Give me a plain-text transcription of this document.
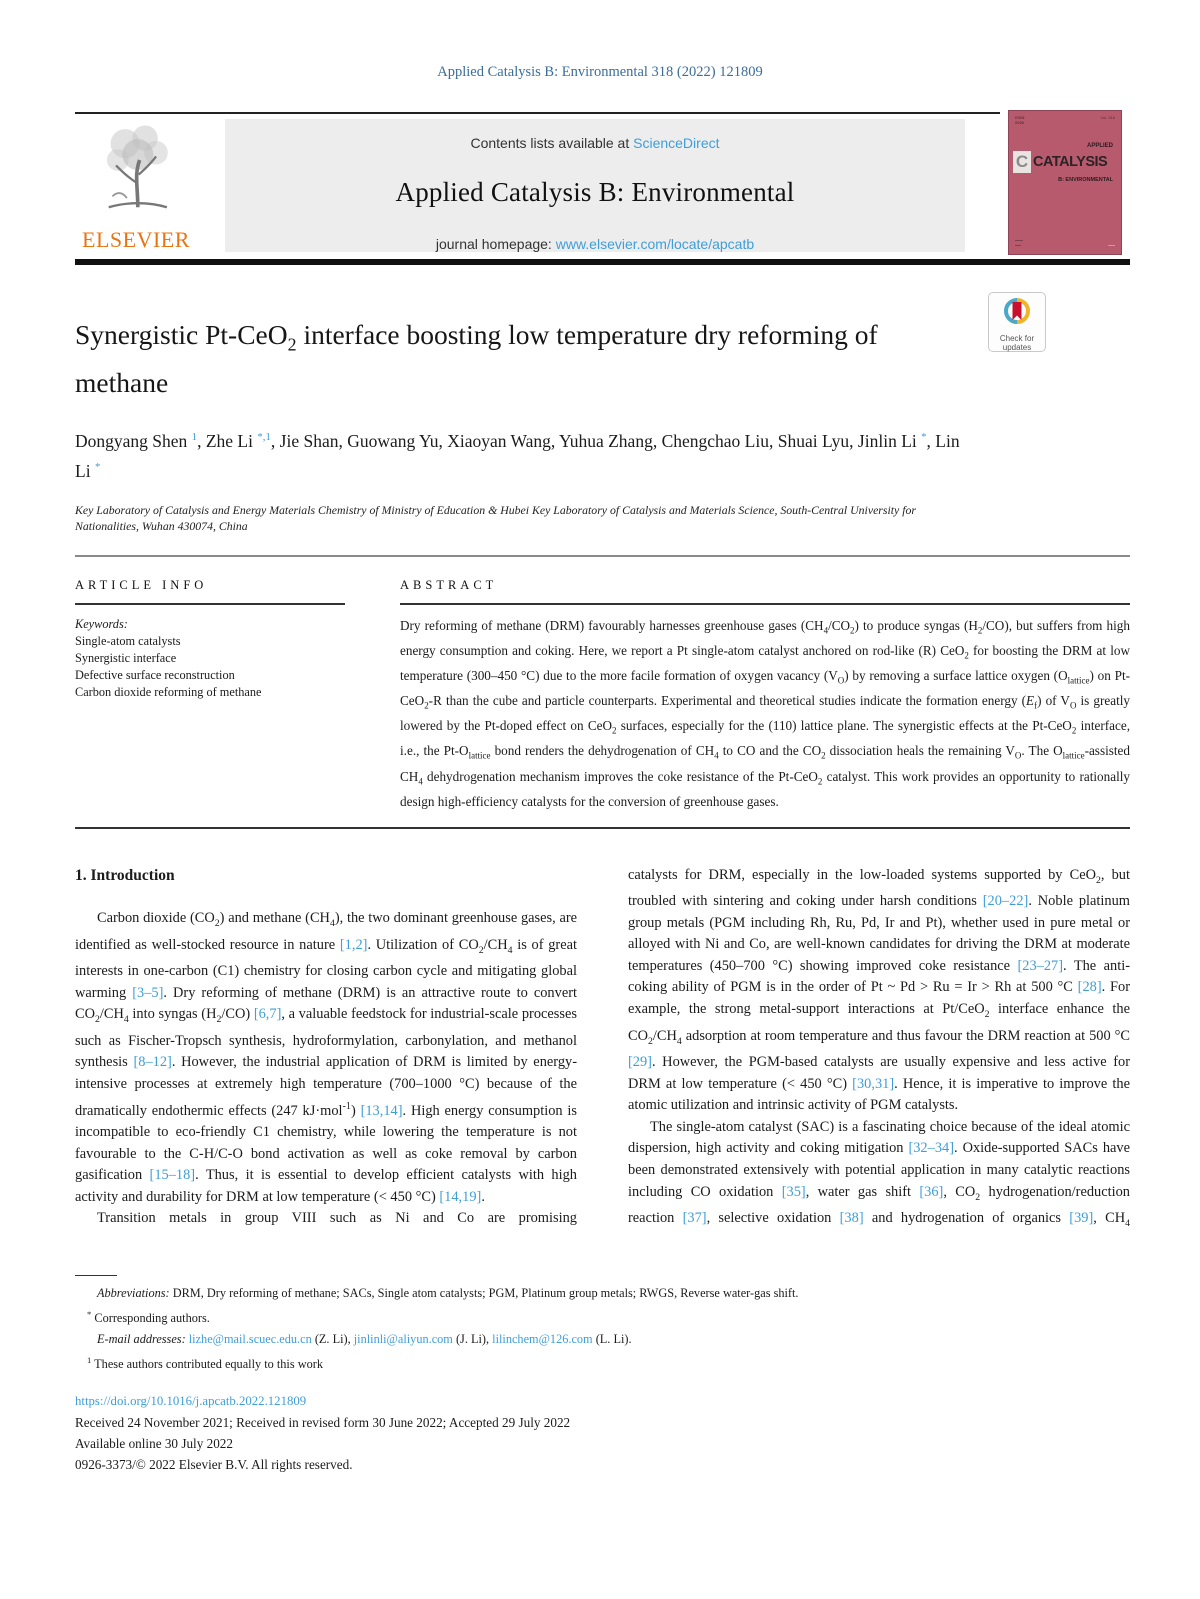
Applied Catalysis B: Environmental 318 (2022) 121809
ELSEVIER
Contents lists available at ScienceDirect
Applied Catalysis B: Environmental
journal homepage: www.elsevier.com/locate/apcatb
ISSN
0926
Vol. 318
APPLIED
C CATALYSIS
B: ENVIRONMENTAL
⎯⎯⎯⎯
⎯⎯⎯	⎯⎯⎯
Check for
updates
Synergistic Pt-CeO$_2$ interface boosting low temperature dry reforming of methane
Dongyang Shen $^1$, Zhe Li $^{*,1}$, Jie Shan, Guowang Yu, Xiaoyan Wang, Yuhua Zhang, Chengchao Liu, Shuai Lyu, Jinlin Li *, Lin Li *
Key Laboratory of Catalysis and Energy Materials Chemistry of Ministry of Education & Hubei Key Laboratory of Catalysis and Materials Science, South-Central University for Nationalities, Wuhan 430074, China
ARTICLE INFO
Keywords:
Single-atom catalysts
Synergistic interface
Defective surface reconstruction
Carbon dioxide reforming of methane
ABSTRACT
Dry reforming of methane (DRM) favourably harnesses greenhouse gases $(CH_4/CO_2)$ to produce syngas $(H_2/CO)$, but suffers from high energy consumption and coking. Here, we report a Pt single-atom catalyst anchored on rod-like (R) CeO$_2$ for boosting the DRM at low temperature (300–450 °C) due to the more facile formation of oxygen vacancy $(V_O)$ by removing a surface lattice oxygen $(O_{lattice})$ on Pt-CeO$_2$-R than the cube and particle counterparts. Experimental and theoretical studies indicate the formation energy $(E_f)$ of $V_O$ is greatly lowered by the Pt-doped effect on CeO$_2$ surfaces, especially for the (110) lattice plane. The synergistic effects at the Pt-CeO$_2$ interface, i.e., the $Pt-O_{lattice}$ bond renders the dehydrogenation of $CH_4$ to CO and the $CO_2$ dissociation heals the remaining $V_O$. The $O_{lattice}$-assisted $CH_4$ dehydrogenation mechanism improves the coke resistance of the Pt-CeO$_2$ catalyst. This work provides an opportunity to rationally design high-efficiency catalysts for the conversion of greenhouse gases.
1. Introduction

Carbon dioxide $(CO_2)$ and methane $(CH_4)$, the two dominant greenhouse gases, are identified as well-stocked resource in nature [1,2]. Utilization of $CO_2/CH_4$ is of great interests in one-carbon (C1) chemistry for closing carbon cycle and mitigating global warming [3–5]. Dry reforming of methane (DRM) is an attractive route to convert $CO_2/CH_4$ into syngas $(H_2/CO)$ [6,7], a valuable feedstock for industrial-scale processes such as Fischer-Tropsch synthesis, hydroformylation, carbonylation, and methanol synthesis [8–12]. However, the industrial application of DRM is limited by energy-intensive processes at extremely high temperature (700–1000 °C) because of the dramatically endothermic effects (247 kJ·mol$^{-1}$) [13,14]. High energy consumption is incompatible to eco-friendly C1 chemistry, while lowering the temperature is not favourable to the C-H/C-O bond activation as well as coke removal by carbon gasification [15–18]. Thus, it is essential to develop efficient catalysts with high activity and durability for DRM at low temperature (< 450 °C) [14,19].

Transition metals in group VIII such as Ni and Co are promising

catalysts for DRM, especially in the low-loaded systems supported by CeO$_2$, but troubled with sintering and coking under harsh conditions [20–22]. Noble platinum group metals (PGM including Rh, Ru, Pd, Ir and Pt), whether used in pure metal or alloyed with Ni and Co, are well-known candidates for driving the DRM at moderate temperatures (450–700 °C) showing improved coke resistance [23–27]. The anti-coking ability of PGM is in the order of Pt ~ Pd > Ru = Ir > Rh at 500 °C [28]. For example, the strong metal-support interactions at Pt/CeO$_2$ interface enhance the $CO_2/CH_4$ adsorption at room temperature and thus favour the DRM reaction at 500 °C [29]. However, the PGM-based catalysts are usually expensive and less active for DRM at low temperature (< 450 °C) [30,31]. Hence, it is imperative to improve the atomic utilization and intrinsic activity of PGM catalysts.

The single-atom catalyst (SAC) is a fascinating choice because of the ideal atomic dispersion, high activity and coking mitigation [32–34]. Oxide-supported SACs have been demonstrated extensively with potential application in many catalytic reactions including CO oxidation [35], water gas shift [36], $CO_2$ hydrogenation/reduction reaction [37], selective oxidation [38] and hydrogenation of organics [39], $CH_4$

Abbreviations: DRM, Dry reforming of methane; SACs, Single atom catalysts; PGM, Platinum group metals; RWGS, Reverse water-gas shift.
* Corresponding authors.
E-mail addresses: lizhe@mail.scuec.edu.cn (Z. Li), jinlinli@aliyun.com (J. Li), lilinchem@126.com (L. Li).
$^1$ These authors contributed equally to this work
https://doi.org/10.1016/j.apcatb.2022.121809
Received 24 November 2021; Received in revised form 30 June 2022; Accepted 29 July 2022
Available online 30 July 2022
0926-3373/© 2022 Elsevier B.V. All rights reserved.
